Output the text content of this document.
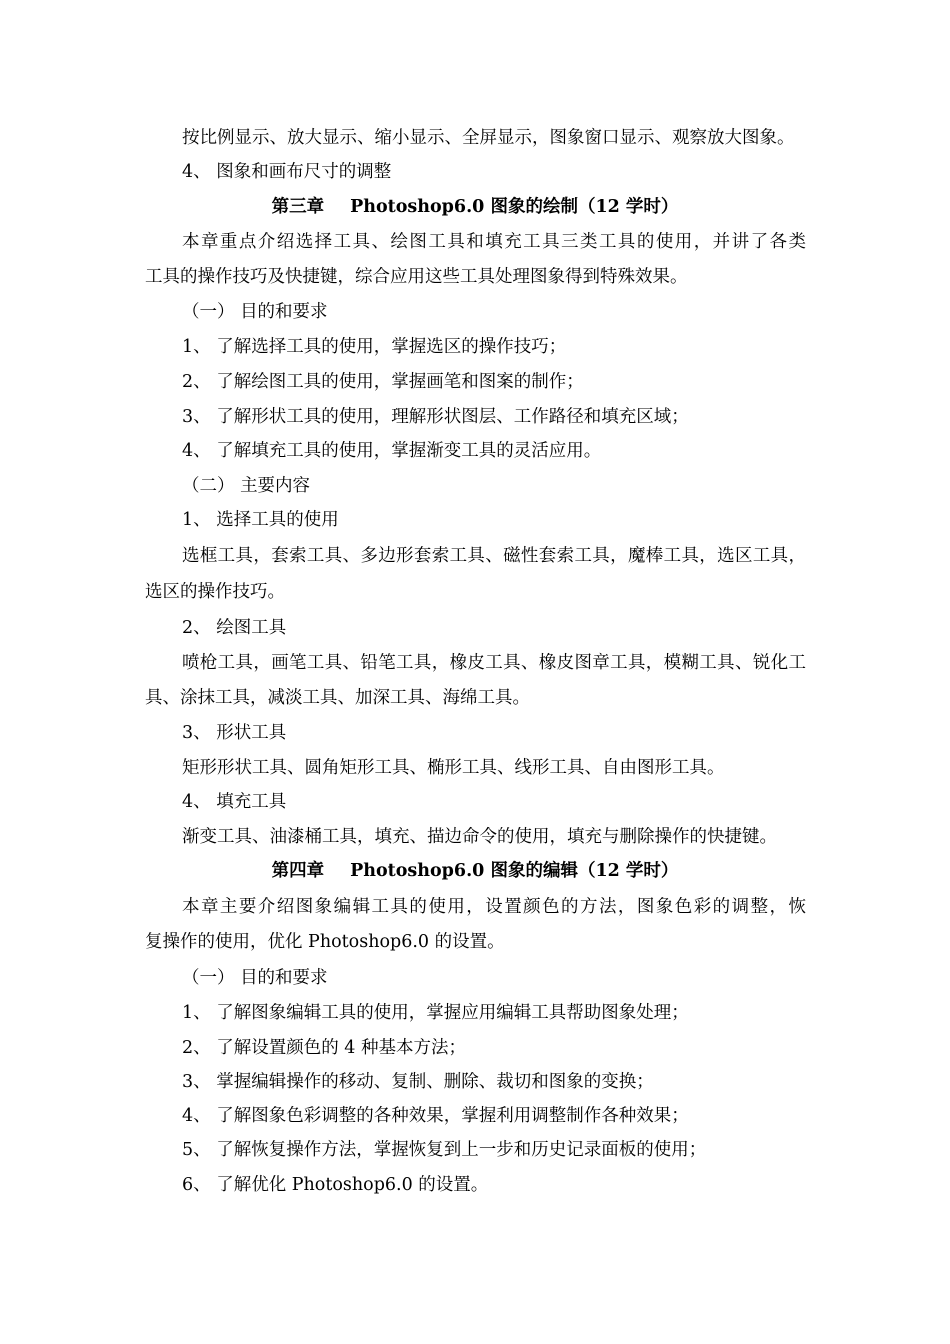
按比例显示、放大显示、缩小显示、全屏显示，图象窗口显示、观察放大图象。
4、 图象和画布尺寸的调整
第三章 Photoshop6.0 图象的绘制（12 学时）
本章重点介绍选择工具、绘图工具和填充工具三类工具的使用，并讲了各类
工具的操作技巧及快捷键，综合应用这些工具处理图象得到特殊效果。
（一） 目的和要求
1、 了解选择工具的使用，掌握选区的操作技巧；
2、 了解绘图工具的使用，掌握画笔和图案的制作；
3、 了解形状工具的使用，理解形状图层、工作路径和填充区域；
4、 了解填充工具的使用，掌握渐变工具的灵活应用。
（二） 主要内容
1、 选择工具的使用
选框工具，套索工具、多边形套索工具、磁性套索工具，魔棒工具，选区工具，
选区的操作技巧。
2、 绘图工具
喷枪工具，画笔工具、铅笔工具，橡皮工具、橡皮图章工具，模糊工具、锐化工
具、涂抹工具，减淡工具、加深工具、海绵工具。
3、 形状工具
矩形形状工具、圆角矩形工具、椭形工具、线形工具、自由图形工具。
4、 填充工具
渐变工具、油漆桶工具，填充、描边命令的使用，填充与删除操作的快捷键。
第四章 Photoshop6.0 图象的编辑（12 学时）
本章主要介绍图象编辑工具的使用，设置颜色的方法，图象色彩的调整，恢
复操作的使用，优化 Photoshop6.0 的设置。
（一） 目的和要求
1、 了解图象编辑工具的使用，掌握应用编辑工具帮助图象处理；
2、 了解设置颜色的 4 种基本方法；
3、 掌握编辑操作的移动、复制、删除、裁切和图象的变换；
4、 了解图象色彩调整的各种效果，掌握利用调整制作各种效果；
5、 了解恢复操作方法，掌握恢复到上一步和历史记录面板的使用；
6、 了解优化 Photoshop6.0 的设置。
